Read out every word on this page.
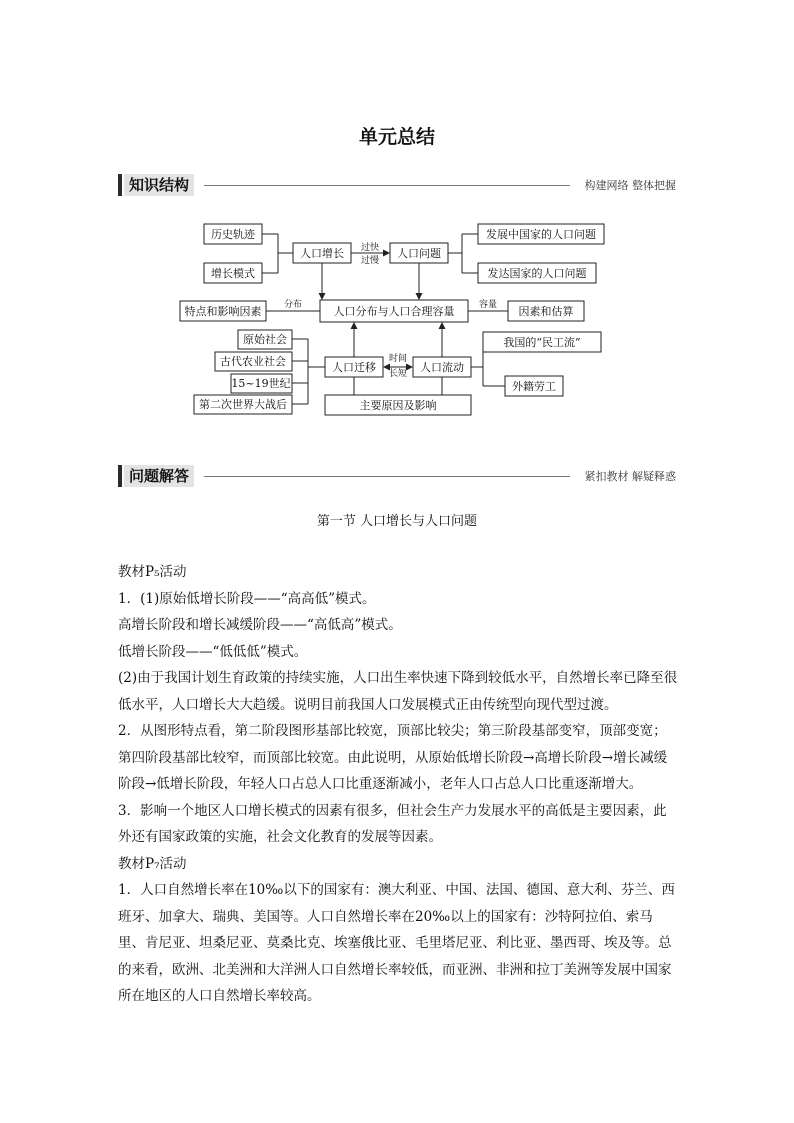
单元总结
知识结构	构建网络 整体把握
历史轨迹
增长模式
人口增长 过快
过慢
人口问题
发展中国家的人口问题
发达国家的人口问题
特点和影响因素 分布	人口分布与人口合理容量	容量 因素和估算
原始社会
古代农业社会
15~19世纪
第二次世界大战后
人口迁移
时间
长短 人口流动
我国的“民工流”
外籍劳工
主要原因及影响
问题解答	紧扣教材 解疑释惑
第一节 人口增长与人口问题

教材P₅活动

1．(1)原始低增长阶段——“高高低”模式。

高增长阶段和增长减缓阶段——“高低高”模式。

低增长阶段——“低低低”模式。

(2)由于我国计划生育政策的持续实施，人口出生率快速下降到较低水平，自然增长率已降至很低水平，人口增长大大趋缓。说明目前我国人口发展模式正由传统型向现代型过渡。

2．从图形特点看，第二阶段图形基部比较宽，顶部比较尖；第三阶段基部变窄，顶部变宽；第四阶段基部比较窄，而顶部比较宽。由此说明，从原始低增长阶段→高增长阶段→增长减缓阶段→低增长阶段，年轻人口占总人口比重逐渐减小，老年人口占总人口比重逐渐增大。

3．影响一个地区人口增长模式的因素有很多，但社会生产力发展水平的高低是主要因素，此外还有国家政策的实施，社会文化教育的发展等因素。

教材P₇活动

1．人口自然增长率在10‰以下的国家有：澳大利亚、中国、法国、德国、意大利、芬兰、西班牙、加拿大、瑞典、美国等。人口自然增长率在20‰以上的国家有：沙特阿拉伯、索马里、肯尼亚、坦桑尼亚、莫桑比克、埃塞俄比亚、毛里塔尼亚、利比亚、墨西哥、埃及等。总的来看，欧洲、北美洲和大洋洲人口自然增长率较低，而亚洲、非洲和拉丁美洲等发展中国家所在地区的人口自然增长率较高。
